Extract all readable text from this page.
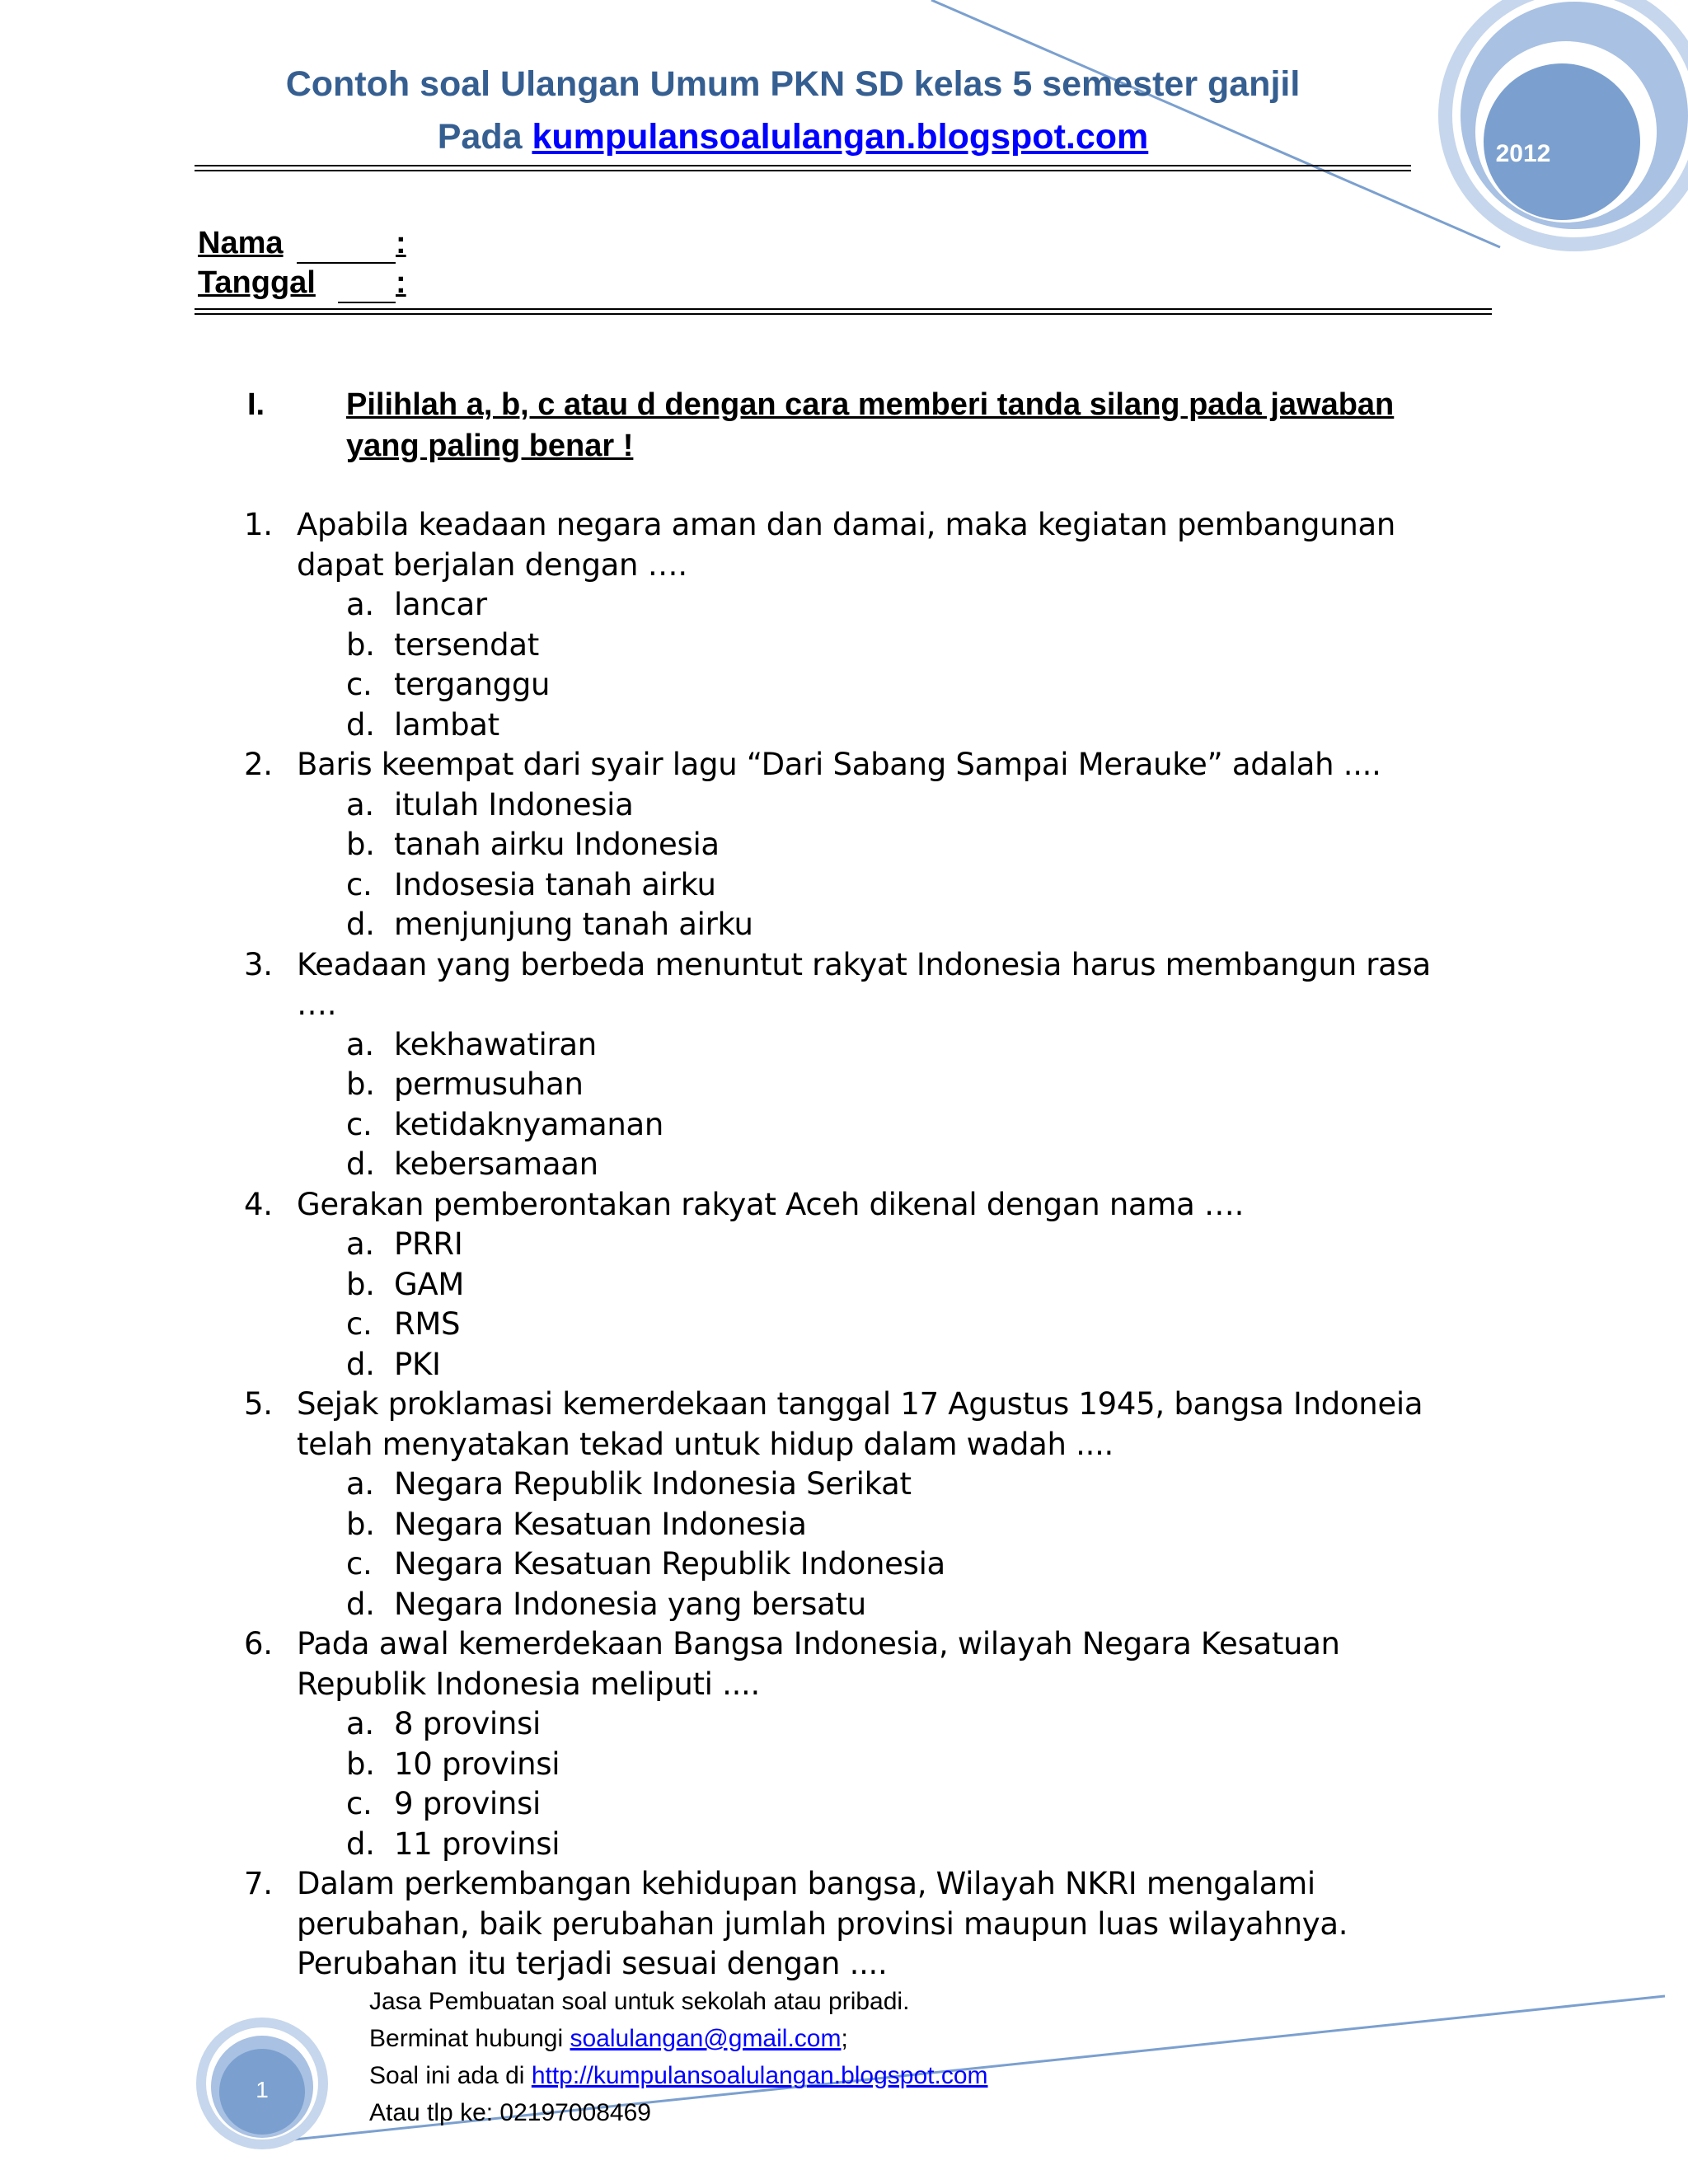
2012
Contoh soal Ulangan Umum PKN SD kelas 5 semester ganjil
Pada kumpulansoalulangan.blogspot.com
Nama	:
Tanggal	:
I.	Pilihlah a, b, c atau d dengan cara memberi tanda silang pada jawaban yang paling benar !
1. Apabila keadaan negara aman dan damai, maka kegiatan pembangunan dapat berjalan dengan ….
a. lancar
b. tersendat
c. terganggu
d. lambat
2. Baris keempat dari syair lagu “Dari Sabang Sampai Merauke” adalah ....
a. itulah Indonesia
b. tanah airku Indonesia
c. Indosesia tanah airku
d. menjunjung tanah airku
3. Keadaan yang berbeda menuntut rakyat Indonesia harus membangun rasa ….
a. kekhawatiran
b. permusuhan
c. ketidaknyamanan
d. kebersamaan
4. Gerakan pemberontakan rakyat Aceh dikenal dengan nama ….
a. PRRI
b. GAM
c. RMS
d. PKI
5. Sejak proklamasi kemerdekaan tanggal 17 Agustus 1945, bangsa Indoneia telah menyatakan tekad untuk hidup dalam wadah ....
a. Negara Republik Indonesia Serikat
b. Negara Kesatuan Indonesia
c. Negara Kesatuan Republik Indonesia
d. Negara Indonesia yang bersatu
6. Pada awal kemerdekaan Bangsa Indonesia, wilayah Negara Kesatuan Republik Indonesia meliputi ....
a. 8 provinsi
b. 10 provinsi
c. 9 provinsi
d. 11 provinsi
7. Dalam perkembangan kehidupan bangsa, Wilayah NKRI mengalami perubahan, baik perubahan jumlah provinsi maupun luas wilayahnya. Perubahan itu terjadi sesuai dengan ....
1
Jasa Pembuatan soal untuk sekolah atau pribadi.
Berminat hubungi soalulangan@gmail.com;
Soal ini ada di http://kumpulansoalulangan.blogspot.com
Atau tlp ke: 02197008469
